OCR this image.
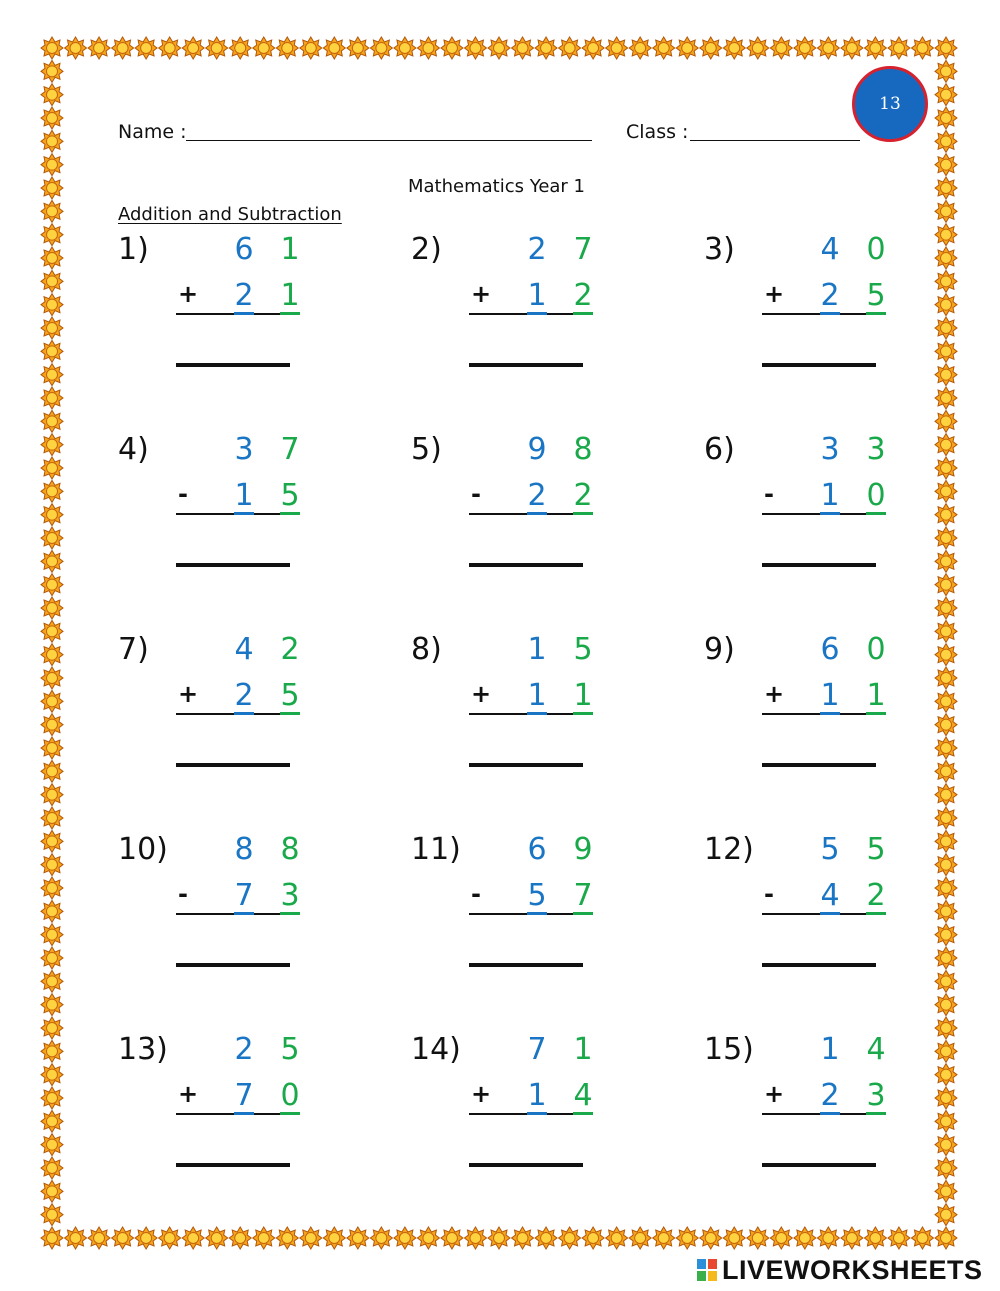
Name :	Class :
13
Mathematics Year 1
Addition and Subtraction
1)	6 1
2 1
+
2)	2 7
1 2
+
3)	4 0
2 5
+
4)	3 7
1 5
-
5)	9 8
2 2
-
6)	3 3
1 0
-
7)	4 2
2 5
+
8)	1 5
1 1
+
9)	6 0
1 1
+
10) 8 8
7 3
-
11) 6 9
5 7
-
12) 5 5
4 2
-
13) 2 5
7 0
+
14) 7 1
1 4
+
15) 1 4
2 3
+
LIVEWORKSHEETS
